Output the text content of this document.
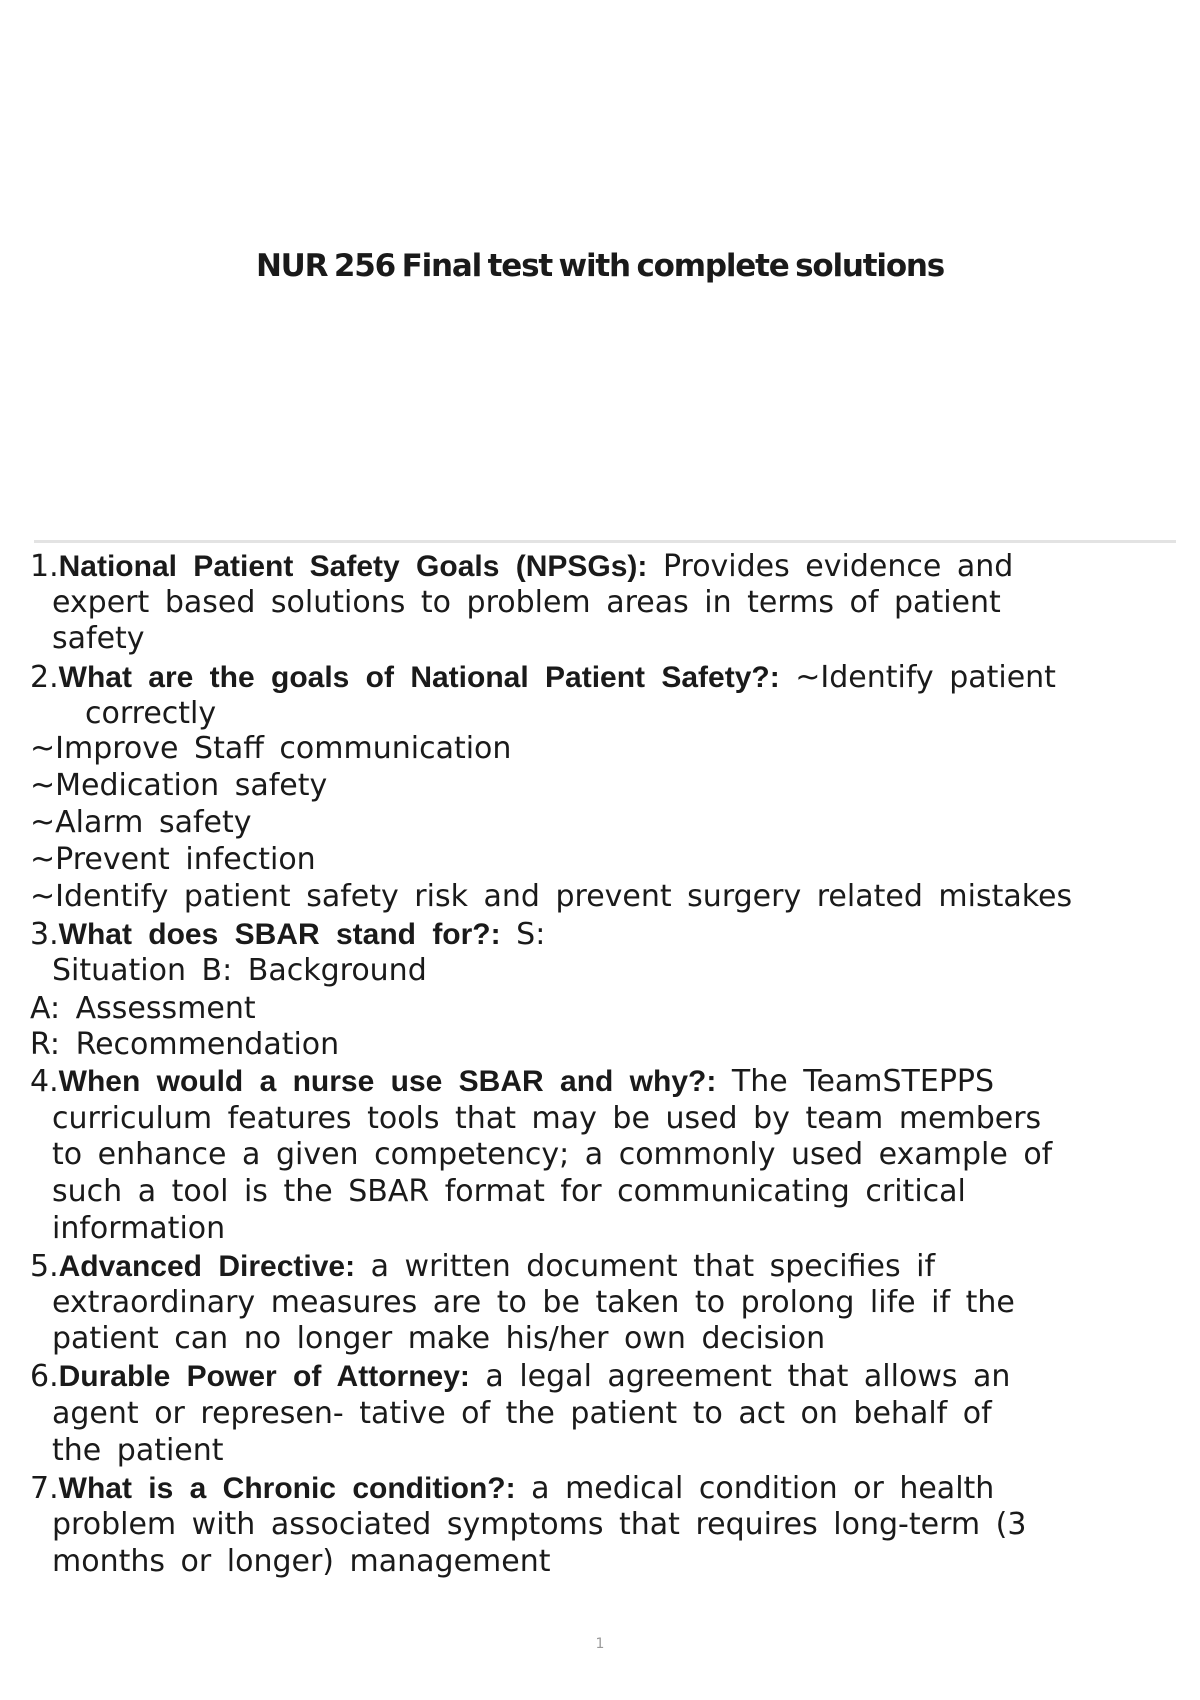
NUR 256 Final test with complete solutions
1.National Patient Safety Goals (NPSGs): Provides evidence and
expert based solutions to problem areas in terms of patient
safety
2.What are the goals of National Patient Safety?: ~Identify patient
correctly
~Improve Staff communication
~Medication safety
~Alarm safety
~Prevent infection
~Identify patient safety risk and prevent surgery related mistakes
3.What does SBAR stand for?: S:
Situation B: Background
A: Assessment
R: Recommendation
4.When would a nurse use SBAR and why?: The TeamSTEPPS
curriculum features tools that may be used by team members
to enhance a given competency; a commonly used example of
such a tool is the SBAR format for communicating critical
information
5.Advanced Directive: a written document that specifies if
extraordinary measures are to be taken to prolong life if the
patient can no longer make his/her own decision
6.Durable Power of Attorney: a legal agreement that allows an
agent or represen- tative of the patient to act on behalf of
the patient
7.What is a Chronic condition?: a medical condition or health
problem with associated symptoms that requires long-term (3
months or longer) management
1
